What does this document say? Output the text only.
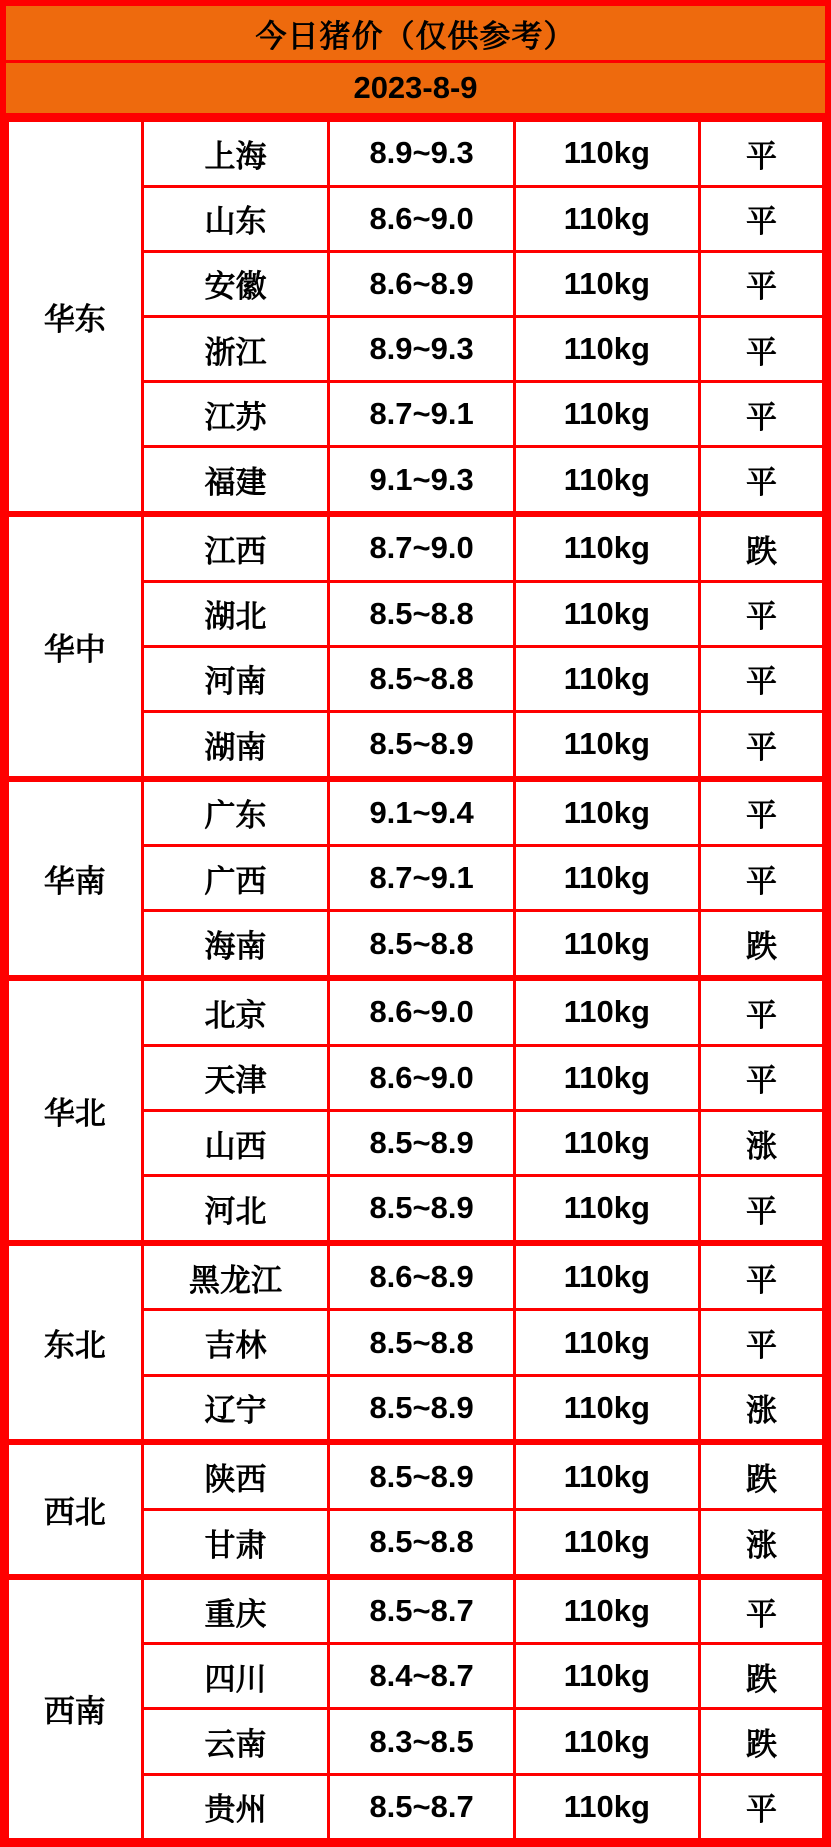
今日猪价（仅供参考）
2023-8-9
华东	上海	8.9~9.3	110kg	平
	山东	8.6~9.0	110kg	平
	安徽	8.6~8.9	110kg	平
	浙江	8.9~9.3	110kg	平
	江苏	8.7~9.1	110kg	平
	福建	9.1~9.3	110kg	平
华中	江西	8.7~9.0	110kg	跌
	湖北	8.5~8.8	110kg	平
	河南	8.5~8.8	110kg	平
	湖南	8.5~8.9	110kg	平
华南	广东	9.1~9.4	110kg	平
	广西	8.7~9.1	110kg	平
	海南	8.5~8.8	110kg	跌
华北	北京	8.6~9.0	110kg	平
	天津	8.6~9.0	110kg	平
	山西	8.5~8.9	110kg	涨
	河北	8.5~8.9	110kg	平
东北	黑龙江	8.6~8.9	110kg	平
	吉林	8.5~8.8	110kg	平
	辽宁	8.5~8.9	110kg	涨
西北	陕西	8.5~8.9	110kg	跌
	甘肃	8.5~8.8	110kg	涨
西南	重庆	8.5~8.7	110kg	平
	四川	8.4~8.7	110kg	跌
	云南	8.3~8.5	110kg	跌
	贵州	8.5~8.7	110kg	平
